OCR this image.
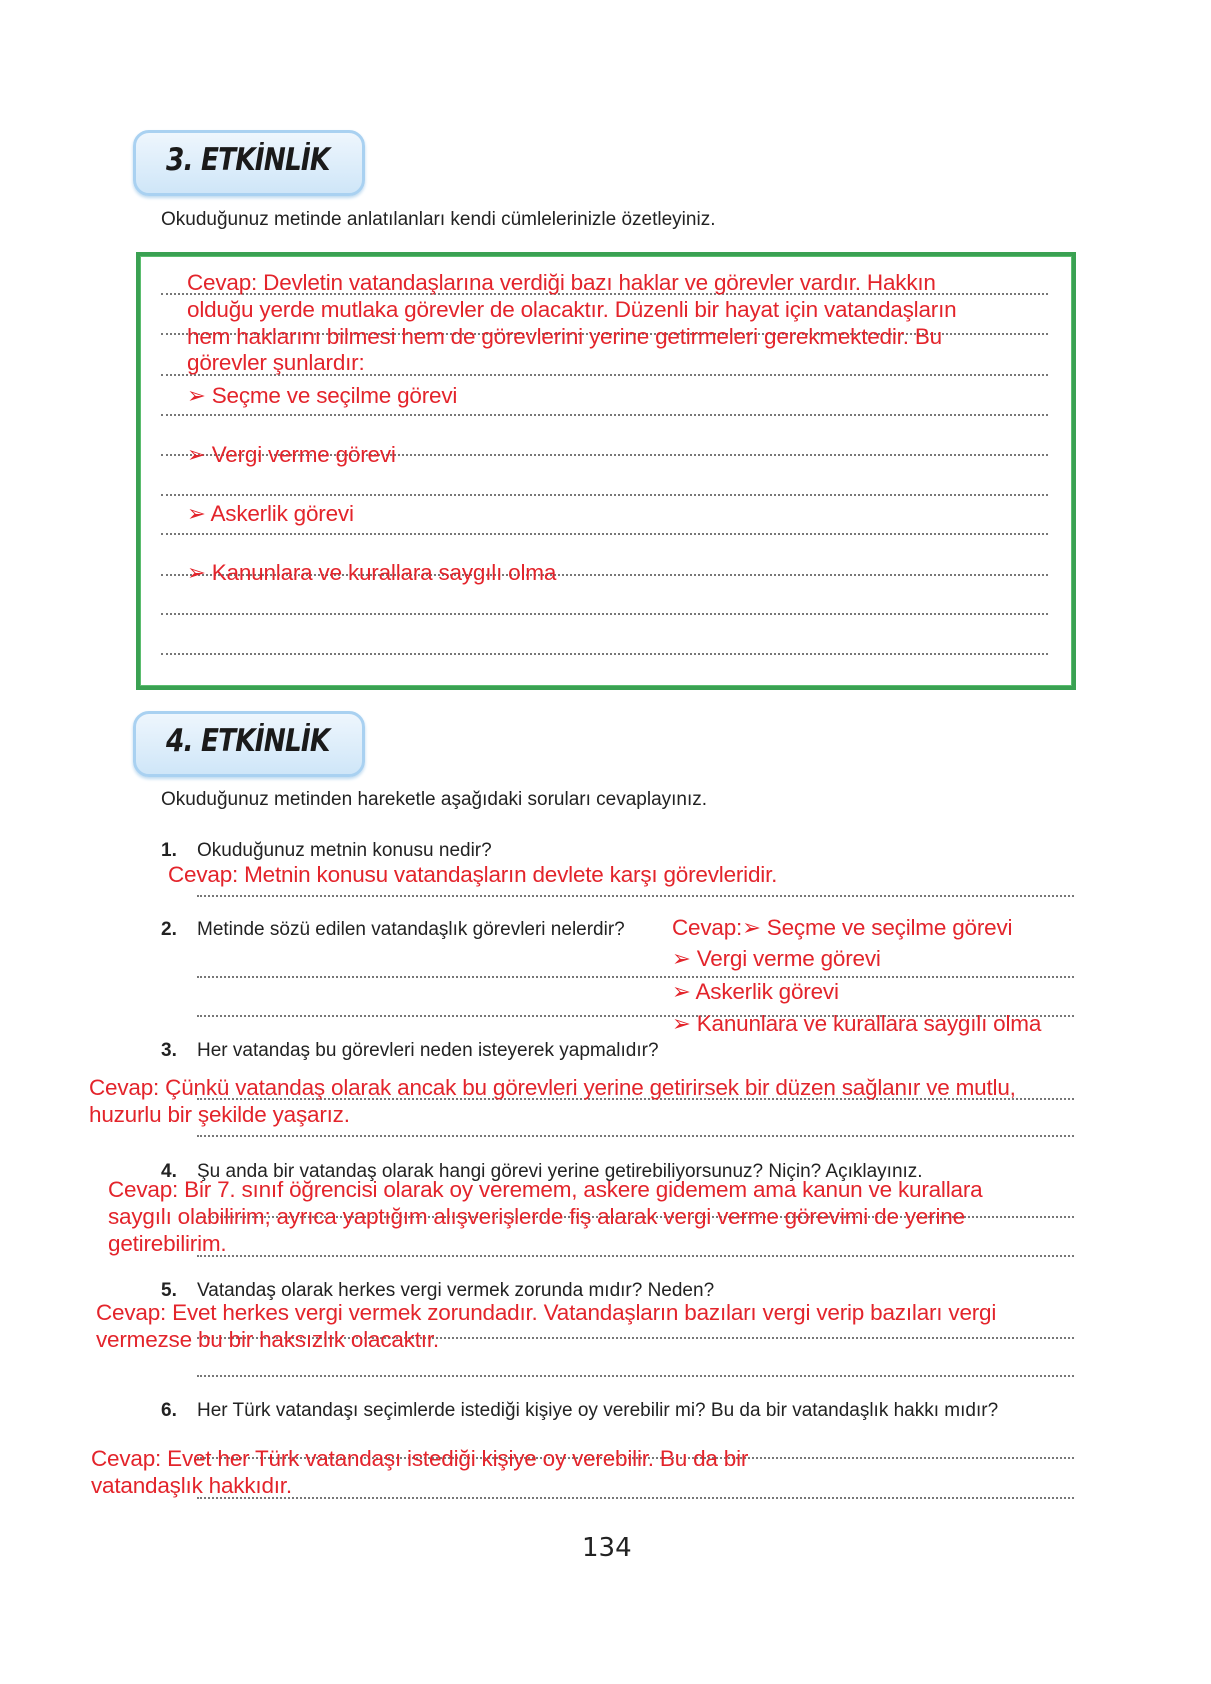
3. ETKİNLİK
Okuduğunuz metinde anlatılanları kendi cümlelerinizle özetleyiniz.
Cevap: Devletin vatandaşlarına verdiği bazı haklar ve görevler vardır. Hakkın
olduğu yerde mutlaka görevler de olacaktır. Düzenli bir hayat için vatandaşların
hem haklarını bilmesi hem de görevlerini yerine getirmeleri gerekmektedir. Bu
görevler şunlardır:
➢ Seçme ve seçilme görevi
➢ Vergi verme görevi
➢ Askerlik görevi
➢ Kanunlara ve kurallara saygılı olma
4. ETKİNLİK
Okuduğunuz metinden hareketle aşağıdaki soruları cevaplayınız.
1. Okuduğunuz metnin konusu nedir?
Cevap: Metnin konusu vatandaşların devlete karşı görevleridir.
2. Metinde sözü edilen vatandaşlık görevleri nelerdir? Cevap:➢ Seçme ve seçilme görevi
➢ Vergi verme görevi
➢ Askerlik görevi
➢ Kanunlara ve kurallara saygılı olma
3. Her vatandaş bu görevleri neden isteyerek yapmalıdır?
Cevap: Çünkü vatandaş olarak ancak bu görevleri yerine getirirsek bir düzen sağlanır ve mutlu,
huzurlu bir şekilde yaşarız.
4. Şu anda bir vatandaş olarak hangi görevi yerine getirebiliyorsunuz? Niçin? Açıklayınız.
Cevap: Bir 7. sınıf öğrencisi olarak oy veremem, askere gidemem ama kanun ve kurallara
saygılı olabilirim; ayrıca yaptığım alışverişlerde fiş alarak vergi verme görevimi de yerine
getirebilirim.
5. Vatandaş olarak herkes vergi vermek zorunda mıdır? Neden?
Cevap: Evet herkes vergi vermek zorundadır. Vatandaşların bazıları vergi verip bazıları vergi
vermezse bu bir haksızlık olacaktır.
6. Her Türk vatandaşı seçimlerde istediği kişiye oy verebilir mi? Bu da bir vatandaşlık hakkı mıdır?
Cevap: Evet her Türk vatandaşı istediği kişiye oy verebilir. Bu da bir
vatandaşlık hakkıdır.
134
